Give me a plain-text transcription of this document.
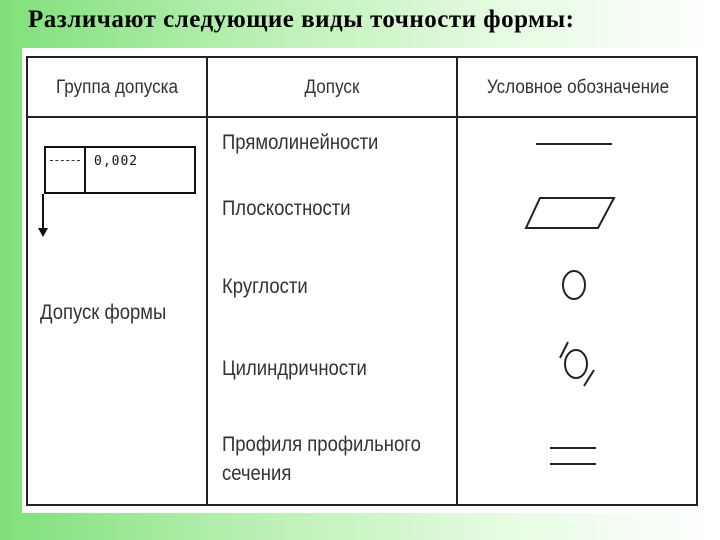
Различают следующие виды точности формы:
Группа допуска	Допуск	Условное обозначение
0,002
Допуск формы
Прямолинейности
Плоскостности
Круглости
Цилиндричности
Профиля профильного
сечения
